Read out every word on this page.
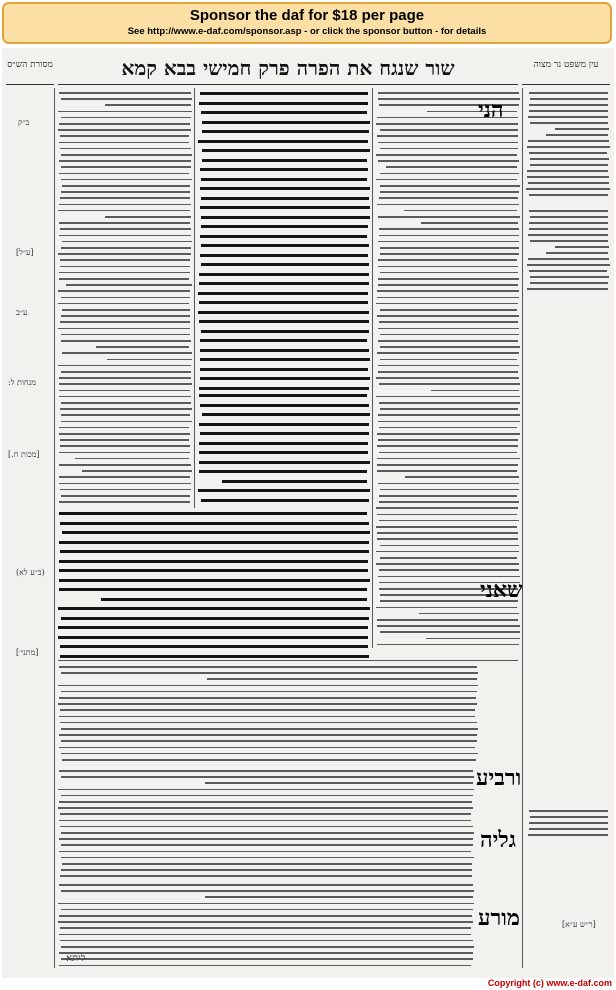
Sponsor the daf for $18 per page
See http://www.e-daf.com/sponsor.asp - or click the sponsor button - for details
מסורת הש״ס	שור שנגח את הפרה פרק חמישי בבא קמא	עין משפט נר מצוה
הני
שאני
ורביע
גליה
מורע
ליתא
ב״ק
[ע״ל]
ע״ב
מנחות ל:
[מכות ח.]
(ב״ע לא)
[מתני׳]
[ר״ש ע״א]
Copyright (c) www.e-daf.com
